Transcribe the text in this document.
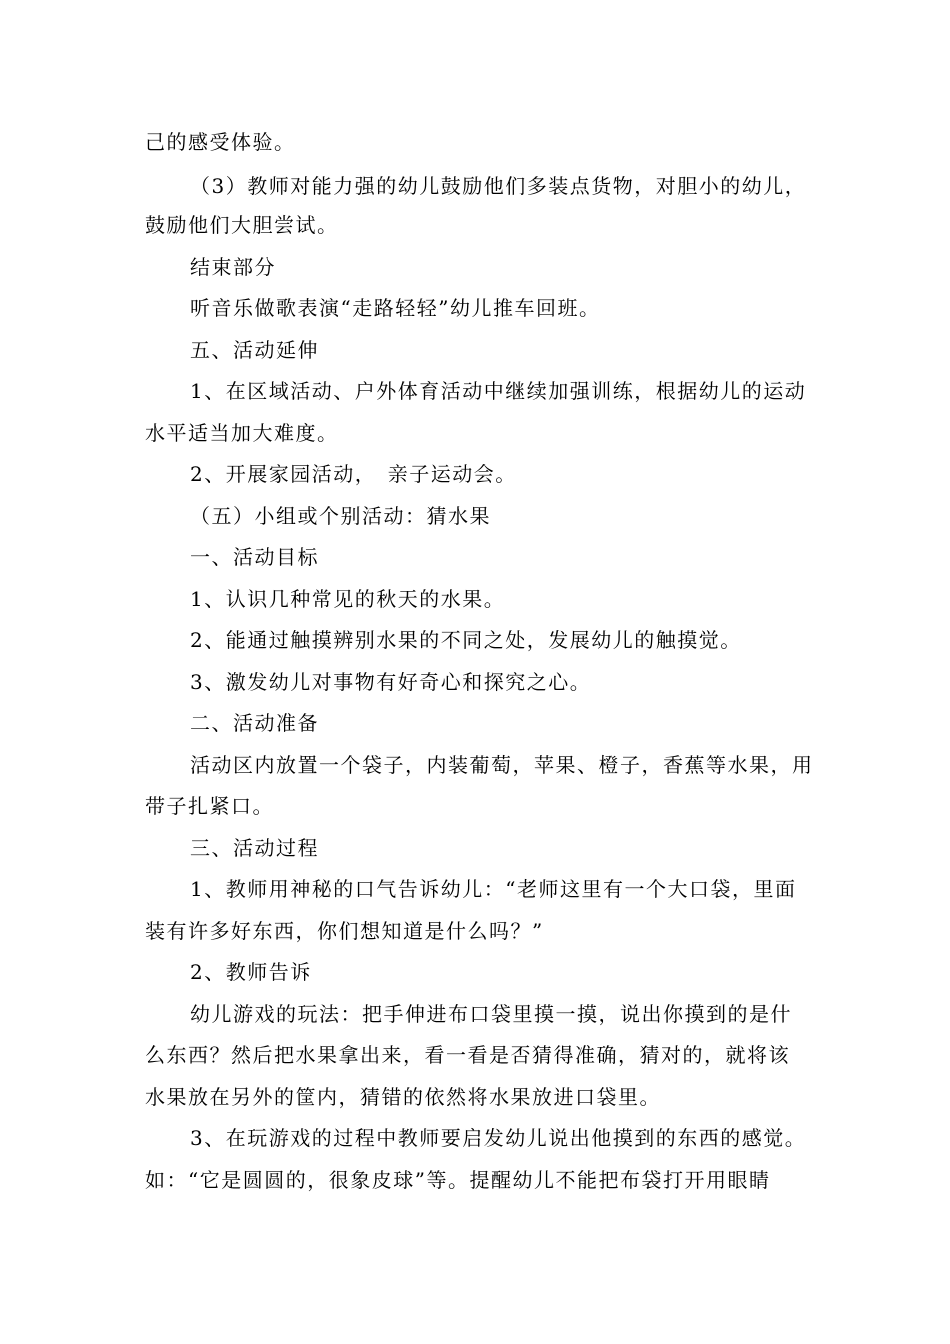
己的感受体验。
（3）教师对能力强的幼儿鼓励他们多装点货物，对胆小的幼儿，
鼓励他们大胆尝试。
结束部分
听音乐做歌表演“走路轻轻”幼儿推车回班。
五、活动延伸
1、在区域活动、户外体育活动中继续加强训练，根据幼儿的运动
水平适当加大难度。
2、开展家园活动，　亲子运动会。
（五）小组或个别活动：猜水果
一、活动目标
1、认识几种常见的秋天的水果。
2、能通过触摸辨别水果的不同之处，发展幼儿的触摸觉。
3、激发幼儿对事物有好奇心和探究之心。
二、活动准备
活动区内放置一个袋子，内装葡萄，苹果、橙子，香蕉等水果，用
带子扎紧口。
三、活动过程
1、教师用神秘的口气告诉幼儿：“老师这里有一个大口袋，里面
装有许多好东西，你们想知道是什么吗？”
2、教师告诉
幼儿游戏的玩法：把手伸进布口袋里摸一摸，说出你摸到的是什
么东西？然后把水果拿出来，看一看是否猜得准确，猜对的，就将该
水果放在另外的筐内，猜错的依然将水果放进口袋里。
3、在玩游戏的过程中教师要启发幼儿说出他摸到的东西的感觉。
如：“它是圆圆的，很象皮球”等。提醒幼儿不能把布袋打开用眼睛
